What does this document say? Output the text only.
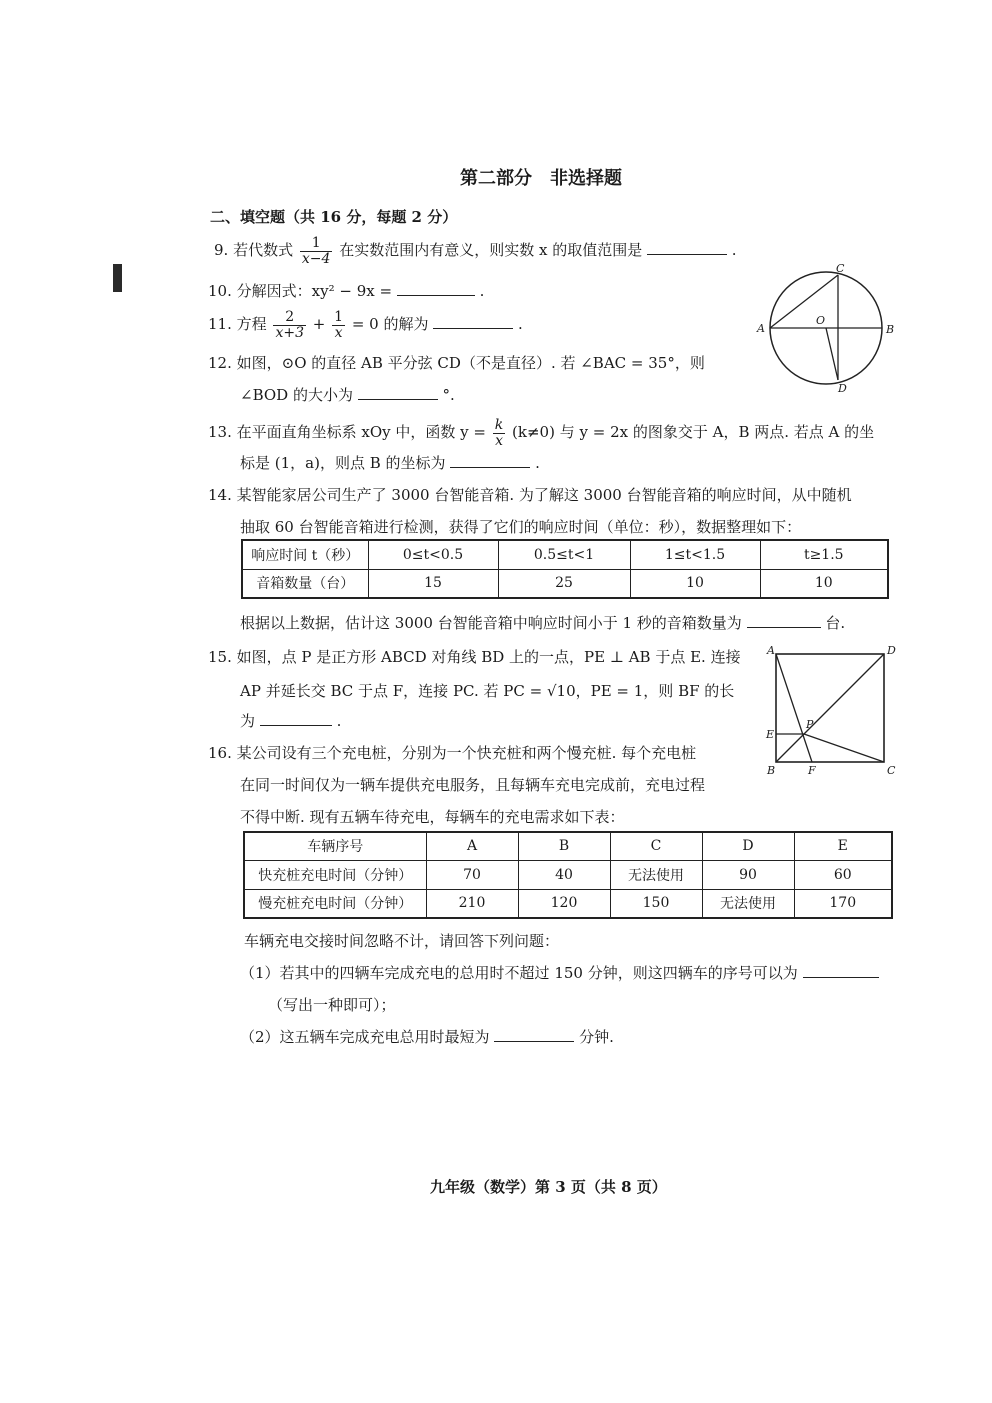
第二部分　非选择题
二、填空题（共 16 分，每题 2 分）
9. 若代数式 $\frac{1}{x-4}$ 在实数范围内有意义，则实数 x 的取值范围是	.
10. 分解因式：xy² − 9x =	.
11. 方程 $\frac{2}{x+3} + \frac{1}{x} = 0$ 的解为	.
12. 如图，⊙O 的直径 AB 平分弦 CD（不是直径）. 若 ∠BAC = 35°，则
∠BOD 的大小为	°.
A	B
C
D
O
13. 在平面直角坐标系 xOy 中，函数 $y = \frac{k}{x} (k\ne 0)$ 与 y = 2x 的图象交于 A，B 两点. 若点 A 的坐
标是 (1，a)，则点 B 的坐标为	.
14. 某智能家居公司生产了 3000 台智能音箱. 为了解这 3000 台智能音箱的响应时间，从中随机
抽取 60 台智能音箱进行检测，获得了它们的响应时间（单位：秒），数据整理如下：
响应时间 t（秒）	0≤t<0.5	0.5≤t<1	1≤t<1.5	t≥1.5
音箱数量（台）	15	25	10	10
根据以上数据，估计这 3000 台智能音箱中响应时间小于 1 秒的音箱数量为	台.
15. 如图，点 P 是正方形 ABCD 对角线 BD 上的一点，PE ⊥ AB 于点 E. 连接
AP 并延长交 BC 于点 F，连接 PC. 若 PC = √10，PE = 1，则 BF 的长
为	.
A	D
B	C
E
F
P
16. 某公司设有三个充电桩，分别为一个快充桩和两个慢充桩. 每个充电桩
在同一时间仅为一辆车提供充电服务，且每辆车充电完成前，充电过程
不得中断. 现有五辆车待充电，每辆车的充电需求如下表：
车辆序号	A	B	C	D	E
快充桩充电时间（分钟）	70	40	无法使用	90	60
慢充桩充电时间（分钟）	210	120	150	无法使用	170
车辆充电交接时间忽略不计，请回答下列问题：
（1）若其中的四辆车完成充电的总用时不超过 150 分钟，则这四辆车的序号可以为
（写出一种即可）；
（2）这五辆车完成充电总用时最短为	分钟.
九年级（数学）第 3 页（共 8 页）
